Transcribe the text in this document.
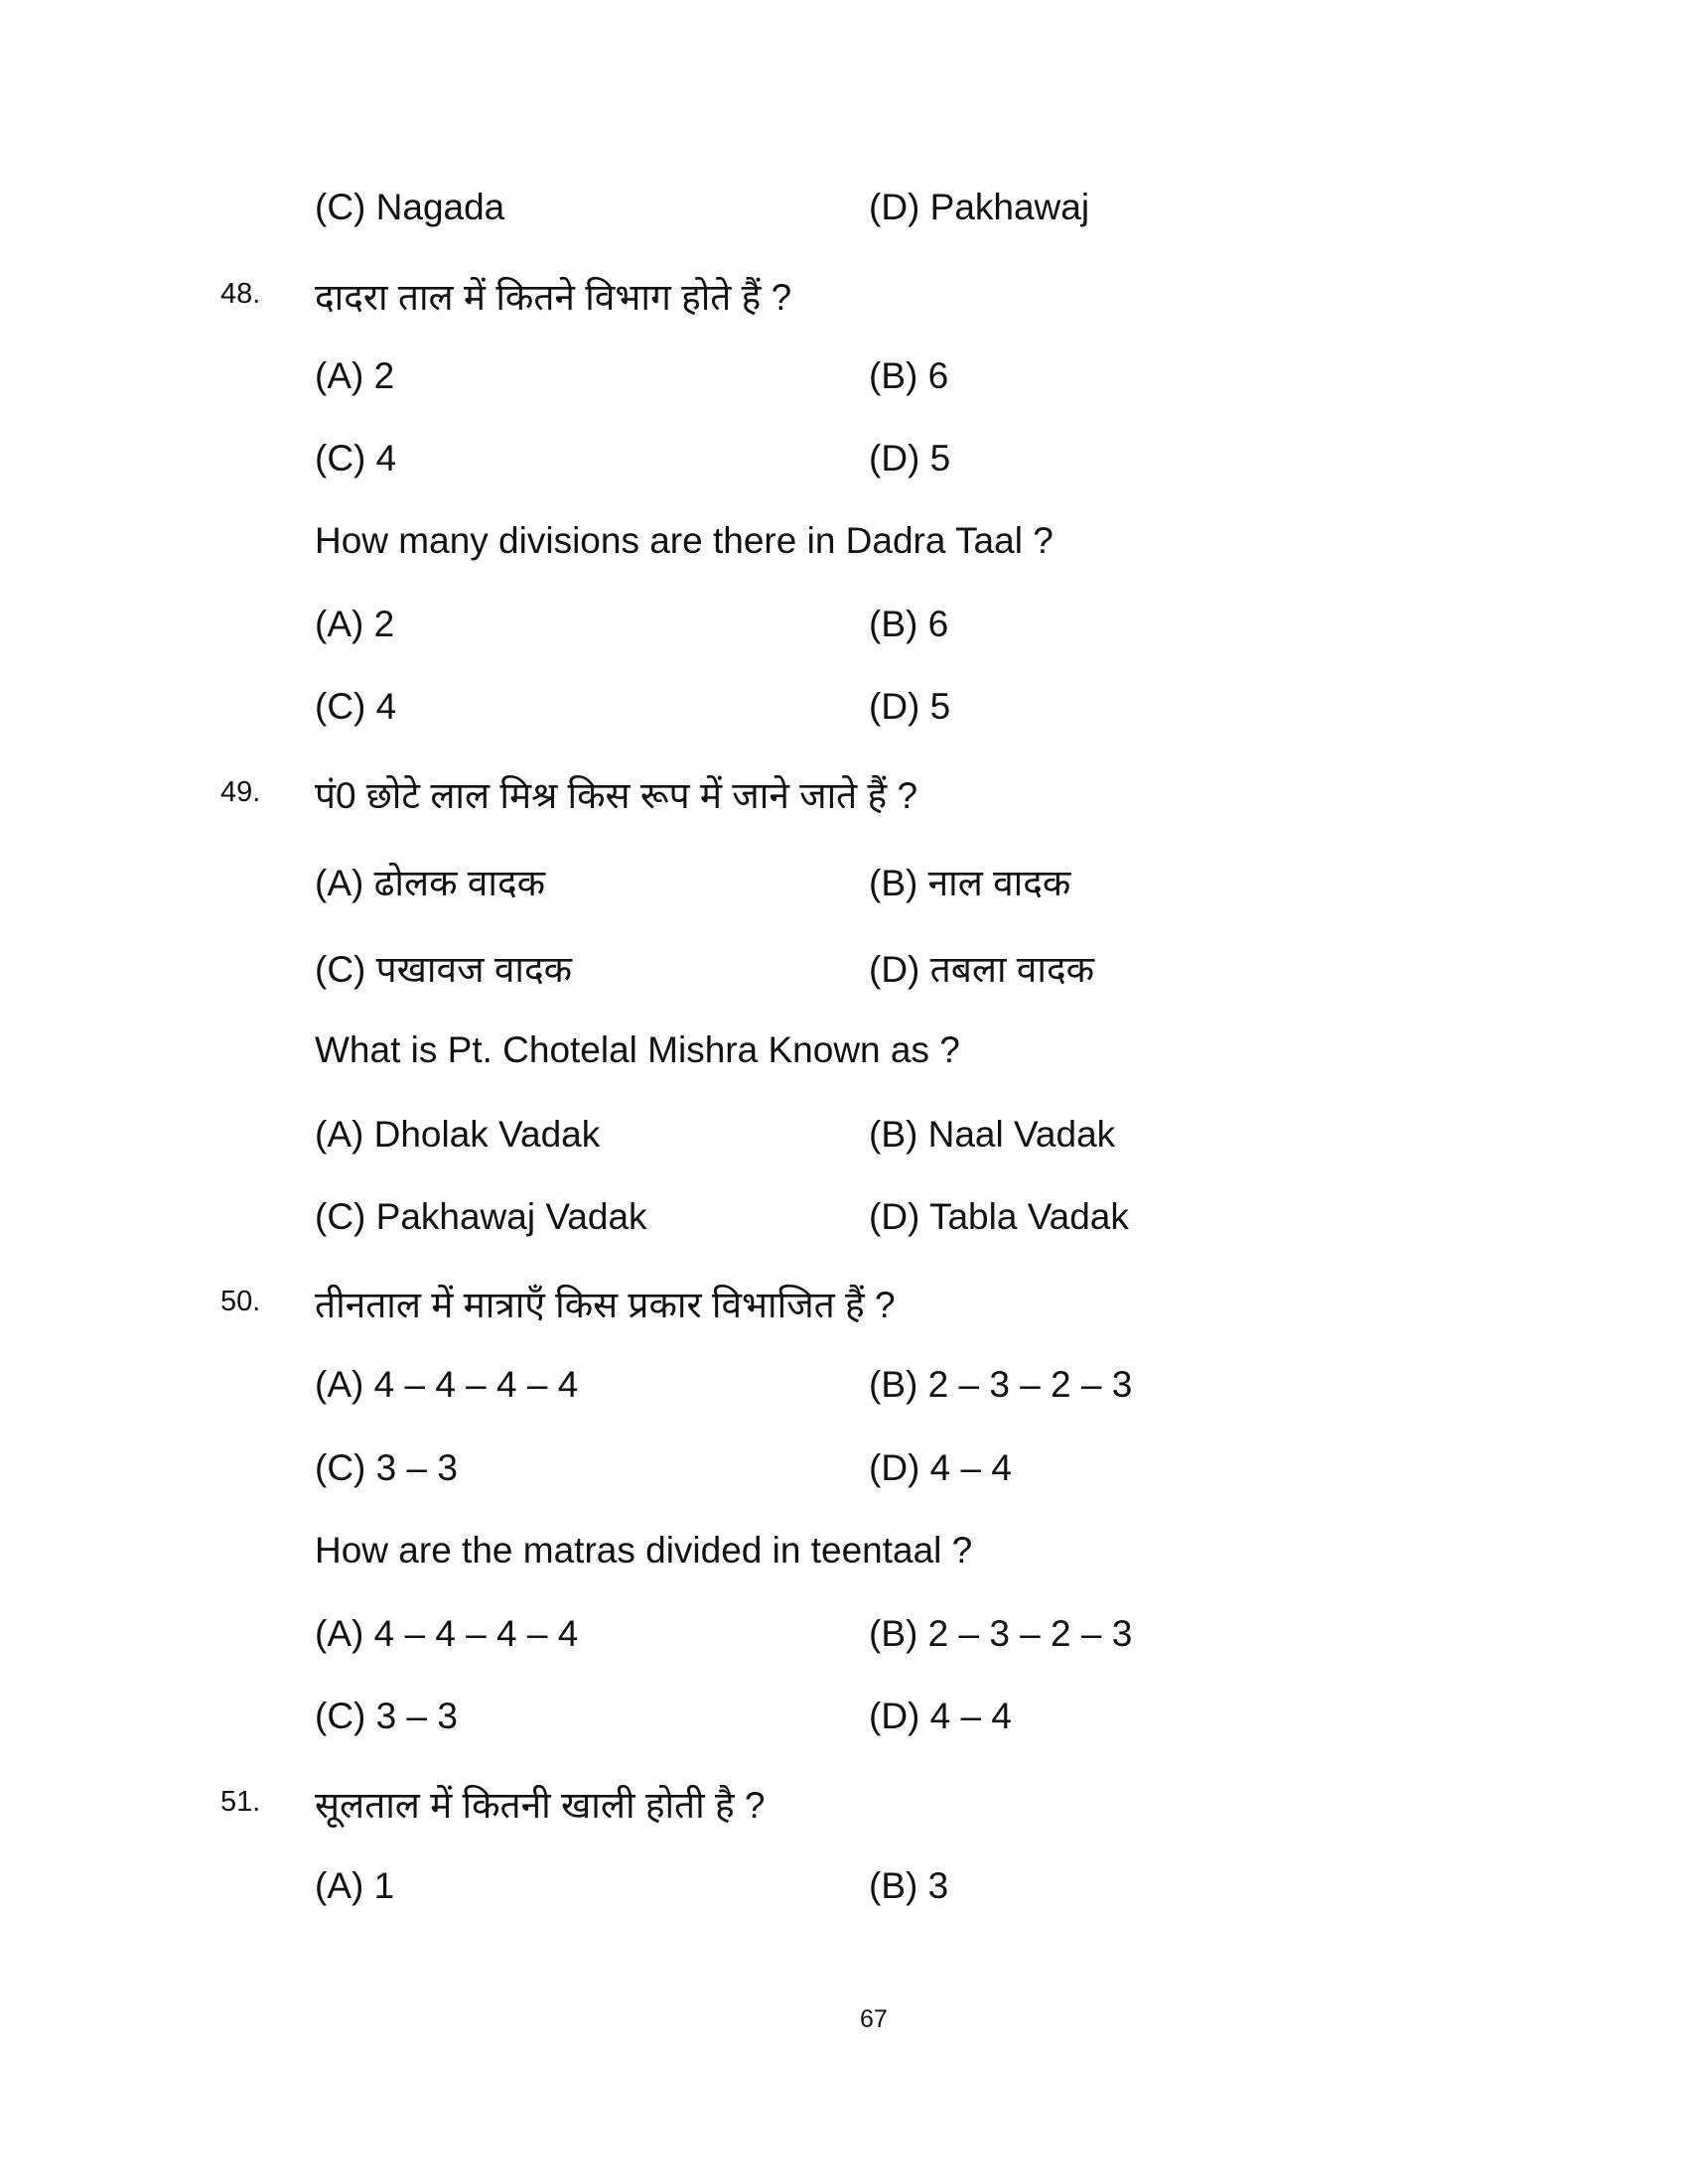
(C) Nagada	(D) Pakhawaj
48. दादरा ताल में कितने विभाग होते हैं ?
(A) 2	(B) 6
(C) 4	(D) 5
How many divisions are there in Dadra Taal ?
(A) 2	(B) 6
(C) 4	(D) 5
49. पं0 छोटे लाल मिश्र किस रूप में जाने जाते हैं ?
(A) ढोलक वादक	(B) नाल वादक
(C) पखावज वादक	(D) तबला वादक
What is Pt. Chotelal Mishra Known as ?
(A) Dholak Vadak	(B) Naal Vadak
(C) Pakhawaj Vadak	(D) Tabla Vadak
50. तीनताल में मात्राएँ किस प्रकार विभाजित हैं ?
(A) 4 – 4 – 4 – 4	(B) 2 – 3 – 2 – 3
(C) 3 – 3	(D) 4 – 4
How are the matras divided in teentaal ?
(A) 4 – 4 – 4 – 4	(B) 2 – 3 – 2 – 3
(C) 3 – 3	(D) 4 – 4
51. सूलताल में कितनी खाली होती है ?
(A) 1	(B) 3
67
